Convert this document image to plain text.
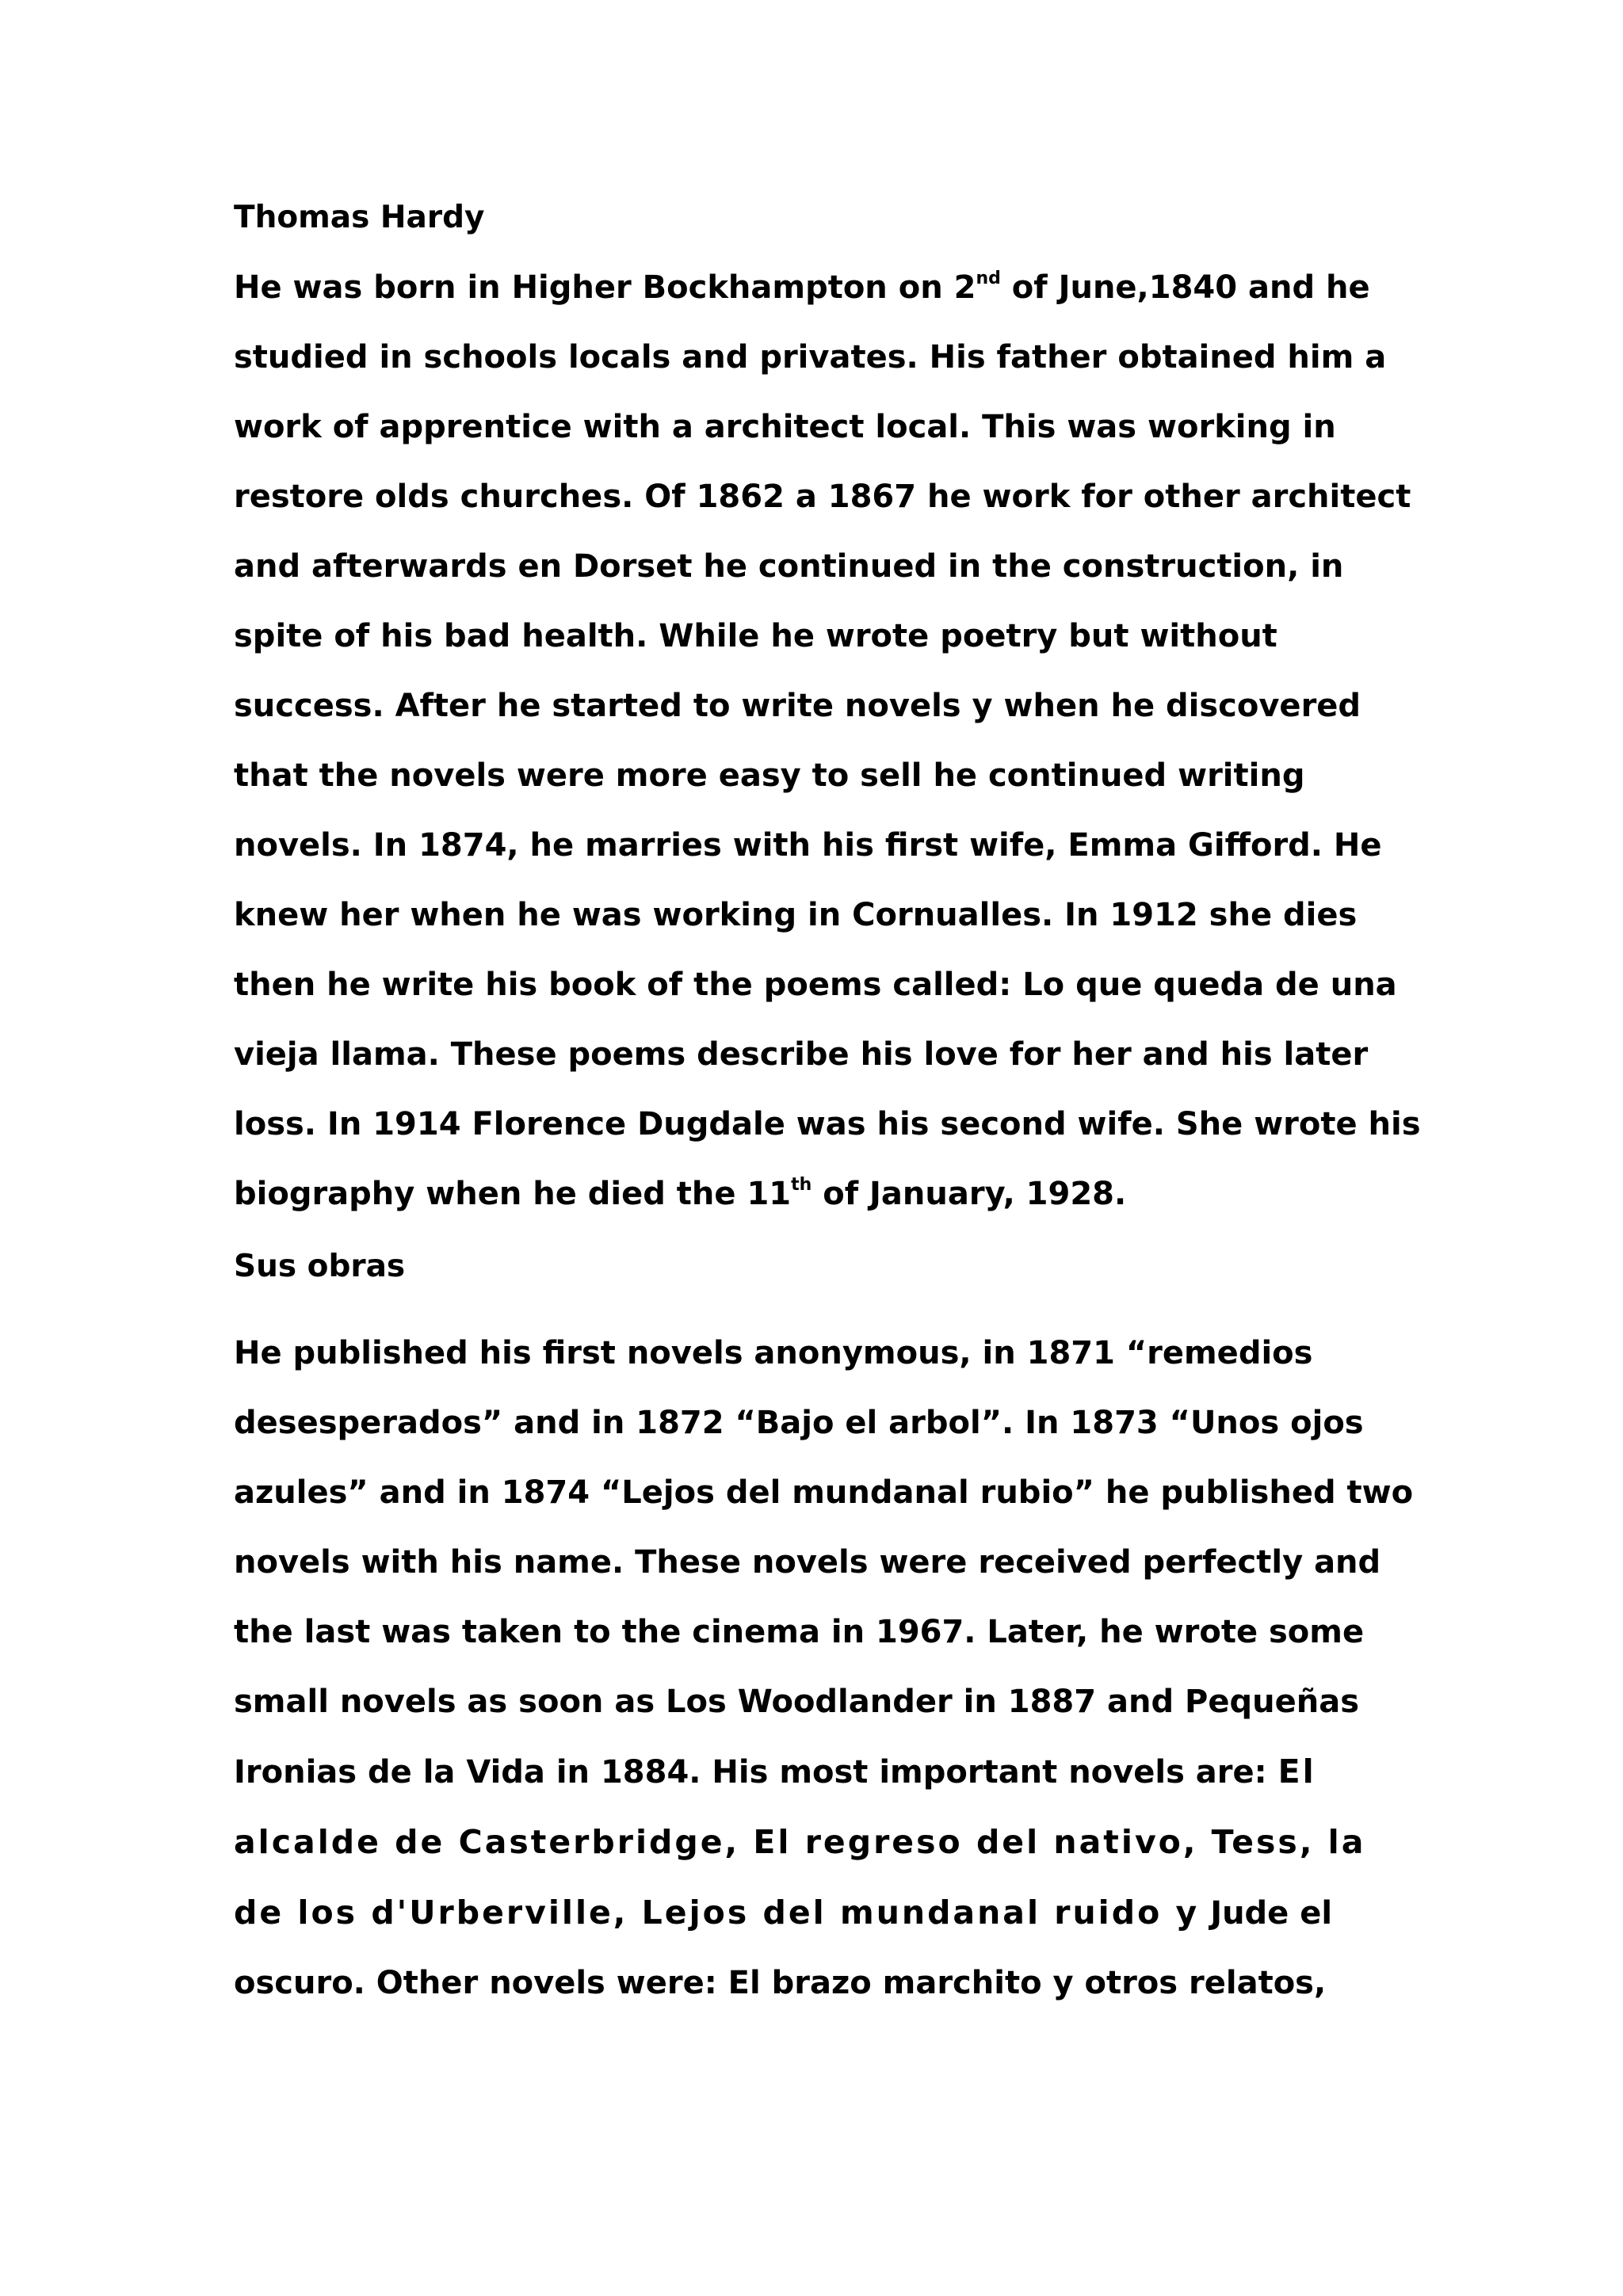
Thomas Hardy

He was born in Higher Bockhampton on 2nd of June,1840 and he studied in schools locals and privates. His father obtained him a work of apprentice with a architect local. This was working in restore olds churches. Of 1862 a 1867 he work for other architect and afterwards en Dorset he continued in the construction, in spite of his bad health. While he wrote poetry but without success. After he started to write novels y when he discovered that the novels were more easy to sell he continued writing novels. In 1874, he marries with his first wife, Emma Gifford. He knew her when he was working in Cornualles. In 1912 she dies then he write his book of the poems called: Lo que queda de una vieja llama. These poems describe his love for her and his later loss. In 1914 Florence Dugdale was his second wife. She wrote his biography when he died the 11th of January, 1928.

Sus obras

He published his first novels anonymous, in 1871 “remedios desesperados” and in 1872 “Bajo el arbol”. In 1873 “Unos ojos azules” and in 1874 “Lejos del mundanal rubio” he published two novels with his name. These novels were received perfectly and the last was taken to the cinema in 1967. Later, he wrote some small novels as soon as Los Woodlander in 1887 and Pequeñas Ironias de la Vida in 1884. His most important novels are: El alcalde de Casterbridge, El regreso del nativo, Tess, la de los d'Urberville, Lejos del mundanal ruido y Jude el oscuro. Other novels were: El brazo marchito y otros relatos,
